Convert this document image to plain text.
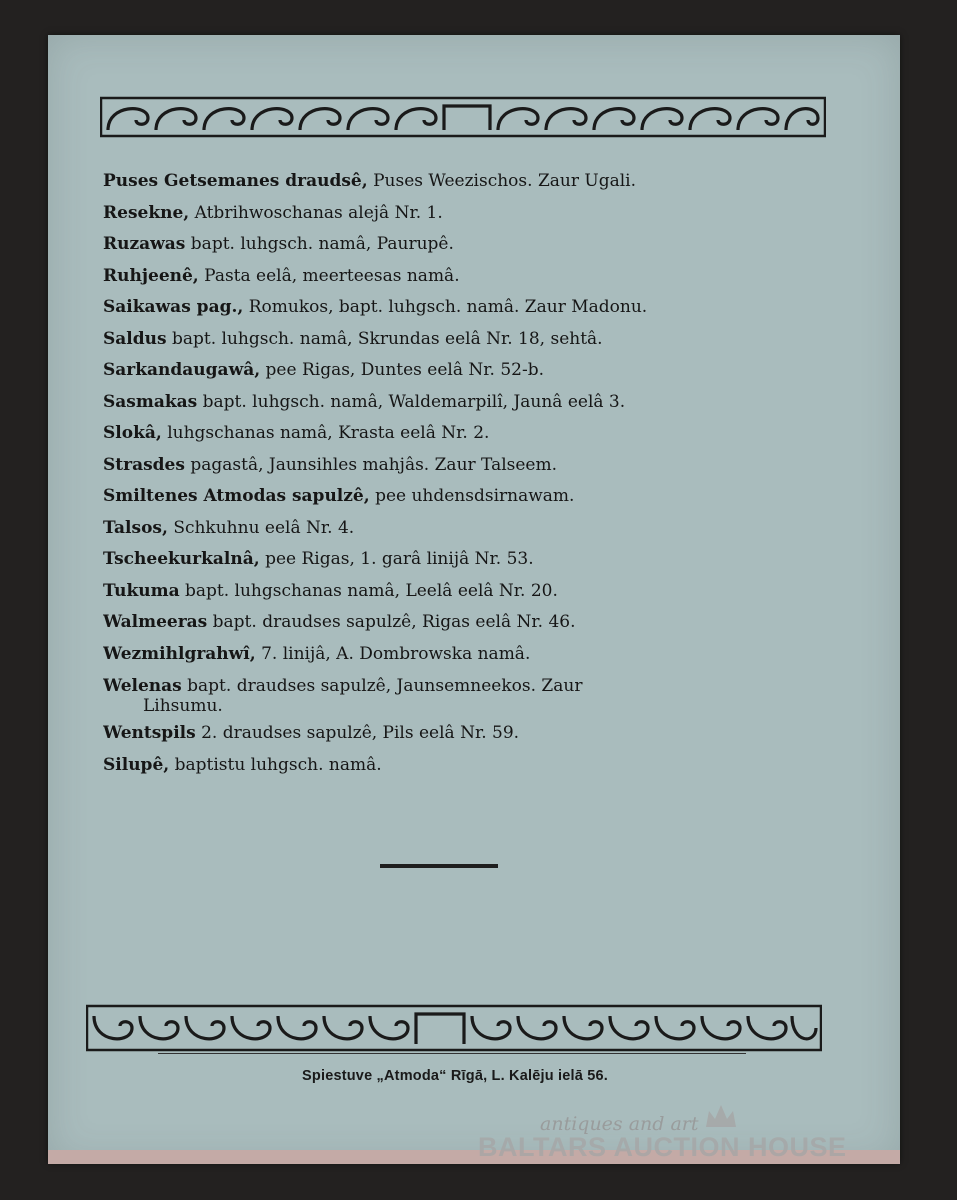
Puses Getsemanes draudsê, Puses Weezischos. Zaur Ugali.
Resekne, Atbrihwoschanas alejâ Nr. 1.
Ruzawas bapt. luhgsch. namâ, Paurupê.
Ruhjeenê, Pasta eelâ, meerteesas namâ.
Saikawas pag., Romukos, bapt. luhgsch. namâ. Zaur Madonu.
Saldus bapt. luhgsch. namâ, Skrundas eelâ Nr. 18, sehtâ.
Sarkandaugawâ, pee Rigas, Duntes eelâ Nr. 52-b.
Sasmakas bapt. luhgsch. namâ, Waldemarpilî, Jaunâ eelâ 3.
Slokâ, luhgschanas namâ, Krasta eelâ Nr. 2.
Strasdes pagastâ, Jaunsihles mahjâs. Zaur Talseem.
Smiltenes Atmodas sapulzê, pee uhdensdsirnawam.
Talsos, Schkuhnu eelâ Nr. 4.
Tscheekurkalnâ, pee Rigas, 1. garâ linijâ Nr. 53.
Tukuma bapt. luhgschanas namâ, Leelâ eelâ Nr. 20.
Walmeeras bapt. draudses sapulzê, Rigas eelâ Nr. 46.
Wezmihlgrahwî, 7. linijâ, A. Dombrowska namâ.
Welenas bapt. draudses sapulzê, Jaunsemneekos. Zaur
Lihsumu.
Wentspils 2. draudses sapulzê, Pils eelâ Nr. 59.
Silupê, baptistu luhgsch. namâ.
Spiestuve „Atmoda“ Rīgā, L. Kalēju ielā 56.
antiques and art
BALTARS AUCTION HOUSE
